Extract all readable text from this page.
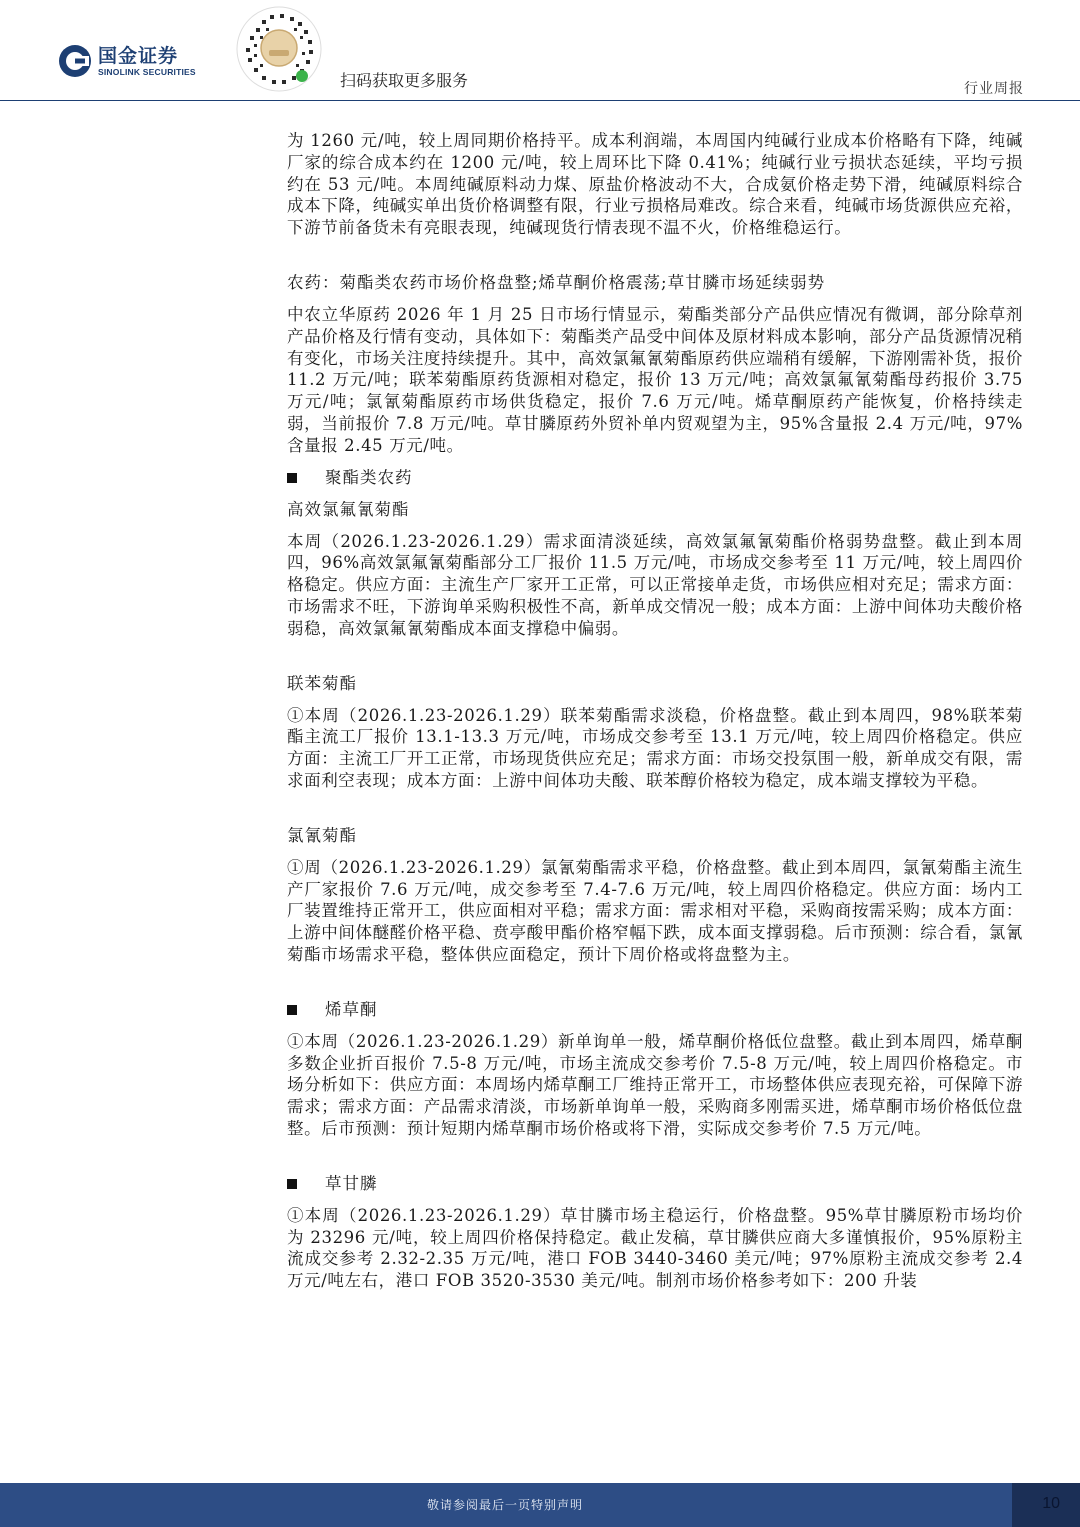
国金证券
SINOLINK SECURITIES	扫码获取更多服务	行业周报

为 1260 元/吨，较上周同期价格持平。成本利润端，本周国内纯碱行业成本价格略有下降，纯碱厂家的综合成本约在 1200 元/吨，较上周环比下降 0.41%；纯碱行业亏损状态延续，平均亏损约在 53 元/吨。本周纯碱原料动力煤、原盐价格波动不大，合成氨价格走势下滑，纯碱原料综合成本下降，纯碱实单出货价格调整有限，行业亏损格局难改。综合来看，纯碱市场货源供应充裕，下游节前备货未有亮眼表现，纯碱现货行情表现不温不火，价格维稳运行。

农药：菊酯类农药市场价格盘整;烯草酮价格震荡;草甘膦市场延续弱势

中农立华原药 2026 年 1 月 25 日市场行情显示，菊酯类部分产品供应情况有微调，部分除草剂产品价格及行情有变动，具体如下：菊酯类产品受中间体及原材料成本影响，部分产品货源情况稍有变化，市场关注度持续提升。其中，高效氯氟氰菊酯原药供应端稍有缓解，下游刚需补货，报价 11.2 万元/吨；联苯菊酯原药货源相对稳定，报价 13 万元/吨；高效氯氟氰菊酯母药报价 3.75 万元/吨；氯氰菊酯原药市场供货稳定，报价 7.6 万元/吨。烯草酮原药产能恢复，价格持续走弱，当前报价 7.8 万元/吨。草甘膦原药外贸补单内贸观望为主，95%含量报 2.4 万元/吨，97%含量报 2.45 万元/吨。

聚酯类农药

高效氯氟氰菊酯

本周（2026.1.23-2026.1.29）需求面清淡延续，高效氯氟氰菊酯价格弱势盘整。截止到本周四，96%高效氯氟氰菊酯部分工厂报价 11.5 万元/吨，市场成交参考至 11 万元/吨，较上周四价格稳定。供应方面：主流生产厂家开工正常，可以正常接单走货，市场供应相对充足；需求方面：市场需求不旺，下游询单采购积极性不高，新单成交情况一般；成本方面：上游中间体功夫酸价格弱稳，高效氯氟氰菊酯成本面支撑稳中偏弱。

联苯菊酯

①本周（2026.1.23-2026.1.29）联苯菊酯需求淡稳，价格盘整。截止到本周四，98%联苯菊酯主流工厂报价 13.1-13.3 万元/吨，市场成交参考至 13.1 万元/吨，较上周四价格稳定。供应方面：主流工厂开工正常，市场现货供应充足；需求方面：市场交投氛围一般，新单成交有限，需求面利空表现；成本方面：上游中间体功夫酸、联苯醇价格较为稳定，成本端支撑较为平稳。

氯氰菊酯

①周（2026.1.23-2026.1.29）氯氰菊酯需求平稳，价格盘整。截止到本周四，氯氰菊酯主流生产厂家报价 7.6 万元/吨，成交参考至 7.4-7.6 万元/吨，较上周四价格稳定。供应方面：场内工厂装置维持正常开工，供应面相对平稳；需求方面：需求相对平稳，采购商按需采购；成本方面：上游中间体醚醛价格平稳、贲亭酸甲酯价格窄幅下跌，成本面支撑弱稳。后市预测：综合看，氯氰菊酯市场需求平稳，整体供应面稳定，预计下周价格或将盘整为主。

烯草酮

①本周（2026.1.23-2026.1.29）新单询单一般，烯草酮价格低位盘整。截止到本周四，烯草酮多数企业折百报价 7.5-8 万元/吨，市场主流成交参考价 7.5-8 万元/吨，较上周四价格稳定。市场分析如下：供应方面：本周场内烯草酮工厂维持正常开工，市场整体供应表现充裕，可保障下游需求；需求方面：产品需求清淡，市场新单询单一般，采购商多刚需买进，烯草酮市场价格低位盘整。后市预测：预计短期内烯草酮市场价格或将下滑，实际成交参考价 7.5 万元/吨。

草甘膦

①本周（2026.1.23-2026.1.29）草甘膦市场主稳运行，价格盘整。95%草甘膦原粉市场均价为 23296 元/吨，较上周四价格保持稳定。截止发稿，草甘膦供应商大多谨慎报价，95%原粉主流成交参考 2.32-2.35 万元/吨，港口 FOB 3440-3460 美元/吨；97%原粉主流成交参考 2.4 万元/吨左右，港口 FOB 3520-3530 美元/吨。制剂市场价格参考如下：200 升装

敬请参阅最后一页特别声明	10
